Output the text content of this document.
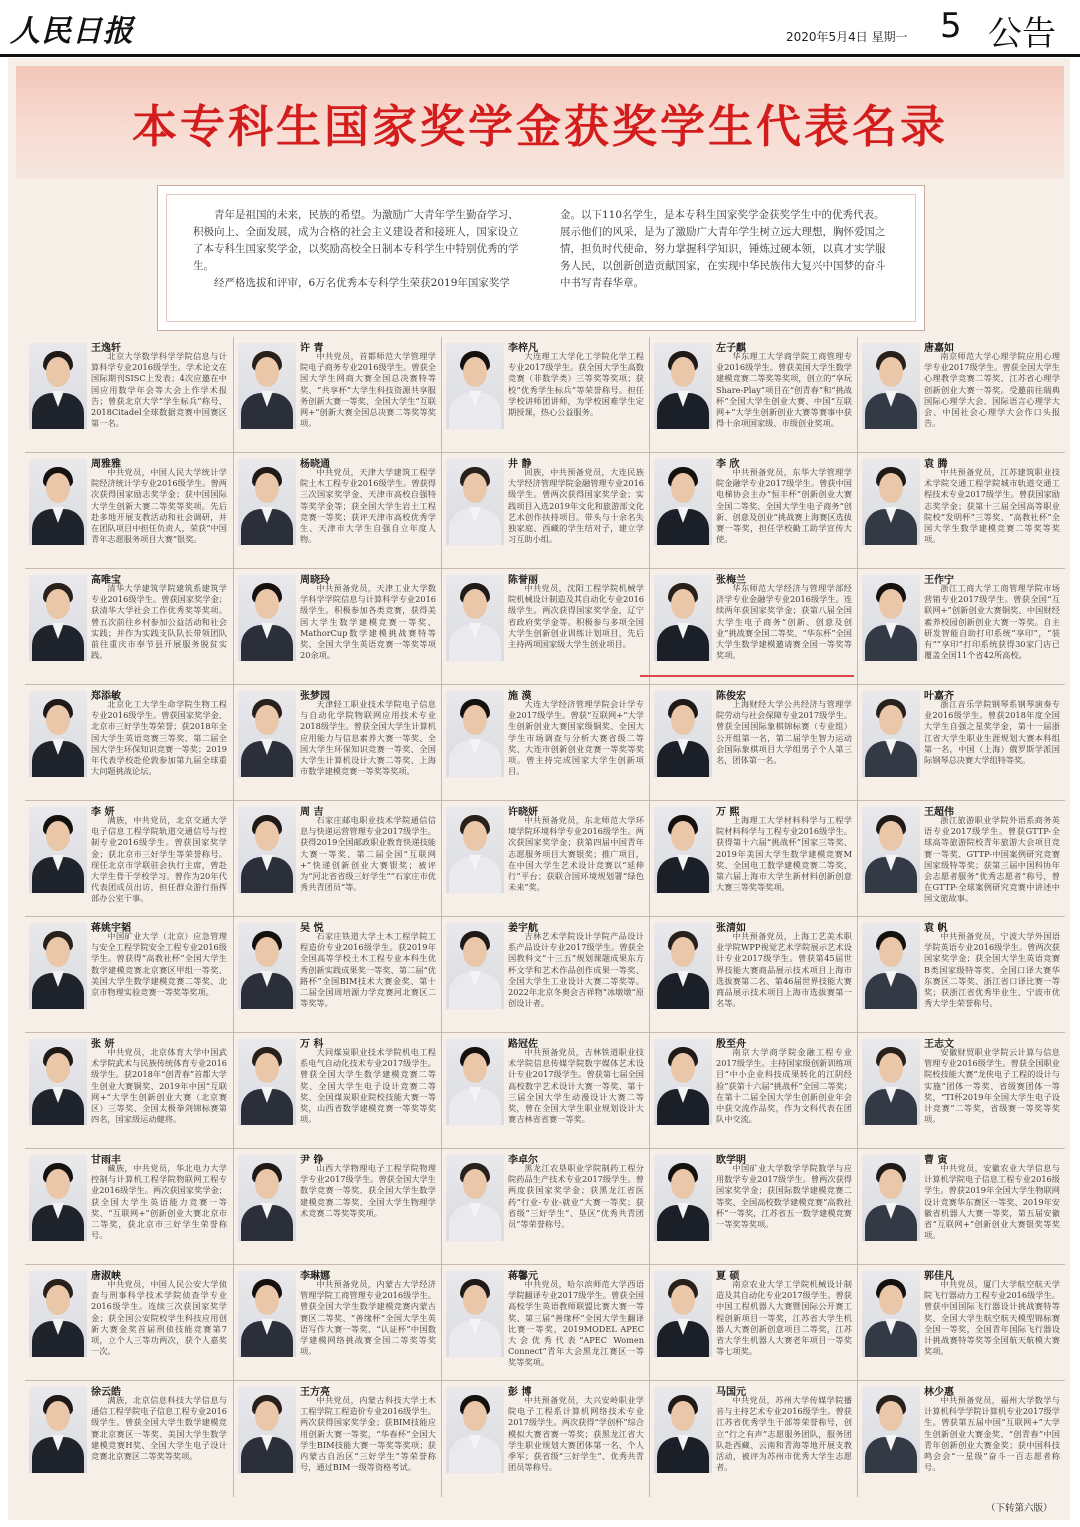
人民日报	2020年5月4日 星期一 5 公告
本专科生国家奖学金获奖学生代表名录

青年是祖国的未来，民族的希望。为激励广大青年学生勤奋学习、积极向上、全面发展，成为合格的社会主义建设者和接班人，国家设立了本专科生国家奖学金，以奖励高校全日制本专科学生中特别优秀的学生。

经严格选拔和评审，6万名优秀本专科学生荣获2019年国家奖学

金。以下110名学生，是本专科生国家奖学金获奖学生中的优秀代表。展示他们的风采，是为了激励广大青年学生树立远大理想，胸怀爱国之情，担负时代使命，努力掌握科学知识，锤炼过硬本领，以真才实学服务人民，以创新创造贡献国家，在实现中华民族伟大复兴中国梦的奋斗中书写青春华章。

王逸轩
北京大学数学科学学院信息与计算科学专业2016级学生。学术论文在国际期刊SISC上发表；4次应邀在中国应用数学年会等大会上作学术报告；曾获北京大学“学生标兵”称号、2018Citadel全球数据竞赛中国赛区第一名。
许 青
中共党员，首都师范大学管理学院电子商务专业2016级学生。曾获全国大学生网商大赛全国总决赛特等奖、“共享杯”大学生科技资源共享服务创新大赛一等奖、全国大学生“互联网+”创新大赛全国总决赛二等奖等奖项。
李梓凡
大连理工大学化工学院化学工程专业2017级学生。获全国大学生高数竞赛（非数学类）三等奖等奖项；获校“优秀学生标兵”等荣誉称号。担任学校讲师团讲师，为学校困难学生定期授课，热心公益服务。
左子麒
华东理工大学商学院工商管理专业2016级学生。曾获美国大学生数学建模竞赛二等奖等奖项，创立的“享玩Share-Play”项目在“创青春”和“挑战杯”全国大学生创业大赛、中国“互联网+”大学生创新创业大赛等赛事中获得十余项国家级、市级创业奖项。
唐嘉如
南京师范大学心理学院应用心理学专业2017级学生。曾获全国大学生心理教学竞赛二等奖、江苏省心理学创新创业大赛一等奖。受邀前往瑞典国际心理学大会、国际语言心理学大会、中国社会心理学大会作口头报告。
周雅雅
中共党员，中国人民大学统计学院经济统计学专业2016级学生。曾两次获得国家励志奖学金；获中国国际大学生创新大赛二等奖等奖项。先后赴多地开展支教活动和社会调研，并在团队项目中担任负责人，荣获“中国青年志愿服务项目大赛”银奖。
杨晓通
中共党员，天津大学建筑工程学院土木工程专业2016级学生。曾获得三次国家奖学金、天津市高校自强特等奖学金等；获全国大学生岩土工程竞赛一等奖；获评天津市高校优秀学生、天津市大学生自强自立年度人物。
井 静
回族，中共预备党员，大连民族大学经济管理学院金融管理专业2016级学生。曾两次获得国家奖学金；实践项目入选2019年文化和旅游部文化艺术创作扶持项目。带头与十余名失独家庭、西藏的学生结对子，建立学习互助小组。
李 欣
中共预备党员，东华大学管理学院金融学专业2017级学生。曾获中国电梯协会主办“恒丰杯”创新创业大赛全国二等奖、全国大学生电子商务“创新、创意及创业”挑战赛上海赛区选拔赛一等奖，担任学校勤工助学宣传大使。
袁 腾
中共预备党员，江苏建筑职业技术学院交通工程学院城市轨道交通工程技术专业2017级学生。曾获国家励志奖学金；获第十三届全国高等职业院校“发明杯”三等奖、“高教社杯”全国大学生数学建模竞赛二等奖等奖项。
高唯宝
清华大学建筑学院建筑系建筑学专业2016级学生。曾获国家奖学金；获清华大学社会工作优秀奖等奖项。曾五次前往乡村参加公益活动和社会实践；并作为实践支队队长带领团队前往重庆市奉节县开展服务脱贫实践。
周晓玲
中共预备党员，天津工业大学数学科学学院信息与计算科学专业2016级学生。积极参加各类竞赛，获得美国大学生数学建模竞赛一等奖、MathorCup数学建模挑战赛特等奖、全国大学生英语竞赛一等奖等项20余项。
陈誉丽
中共党员，沈阳工程学院机械学院机械设计制造及其自动化专业2016级学生。两次获得国家奖学金，辽宁省政府奖学金等。积极参与多项全国大学生创新创业训练计划项目，先后主持两项国家级大学生创业项目。
张梅兰
华东师范大学经济与管理学部经济学专业金融学专业2016级学生。连续两年获国家奖学金；获第八届全国大学生电子商务“创新、创意及创业”挑战赛全国二等奖、“华东杯”全国大学生数学建模邀请赛全国一等奖等奖项。
王作宁
浙江工商大学工商管理学院市场营销专业2017级学生。曾获全国“互联网+”创新创业大赛铜奖、中国财经素养校园创新创业大赛一等奖。自主研发智能自助打印系统“享印”，“装有”“享印”打印系统获得30家门店已覆盖全国11个省42所高校。
郑添敏
北京化工大学生命学院生物工程专业2016级学生。曾获国家奖学金、北京市三好学生等荣誉；获2018年全国大学生英语竞赛三等奖、第二届全国大学生环保知识竞赛一等奖；2019年代表学校赴伦敦参加第九届全球重大问题挑战论坛。
张梦园
天津轻工职业技术学院电子信息与自动化学院物联网应用技术专业2018级学生。曾获全国大学生计算机应用能力与信息素养大赛一等奖、全国大学生环保知识竞赛一等奖、全国大学生计算机设计大赛二等奖、上海市数学建模竞赛一等奖等奖项。
施 漠
大连大学经济管理学院会计学专业2017级学生。曾获“互联网+”大学生创新创业大赛国家级铜奖、全国大学生市场调查与分析大赛省级二等奖、大连市创新创业竞赛一等奖等奖项。曾主持完成国家大学生创新项目。
陈俊宏
上海财经大学公共经济与管理学院劳动与社会保障专业2017级学生。曾获全国国际象棋锦标赛（专业组）公开组第一名，第二届学生智力运动会国际象棋项目大学组男子个人第三名，团体第一名。
叶嘉齐
浙江音乐学院钢琴系钢琴演奏专业2016级学生。曾获2018年度全国大学生自强之星奖学金，第十一届浙江省大学生职业生涯规划大赛本科组第一名，中国（上海）俄罗斯学派国际钢琴总决赛大学组特等奖。
李 妍
满族，中共党员，北京交通大学电子信息工程学院轨道交通信号与控制专业2016级学生。曾获国家奖学金；获北京市三好学生等荣誉称号。现任北京市学联驻会执行主席，曾赴大学生骨干学校学习。曾作为20年代代表团成员出访，担任群众游行指挥部办公室干事。
周 吉
石家庄邮电职业技术学院通信信息与快递运营管理专业2017级学生。获得2019全国邮政职业教育快递技能大赛一等奖、第二届全国“互联网+”快递创新创业大赛银奖；被评为“河北省省级三好学生”“石家庄市优秀共青团员”等。
许晓妍
中共预备党员，东北师范大学环境学院环境科学专业2016级学生。两次获国家奖学金；获第四届中国青年志愿服务项目大赛银奖；推广项目，在中国大学生艺术设计竞赛以“延伸行”平台；获联合国环境规划署“绿色未来”奖。
万 熙
上海理工大学材料科学与工程学院材料科学与工程专业2016级学生。获得第十六届“挑战杯”国家三等奖、2019年美国大学生数学建模竞赛M奖、全国电工数学建模竞赛二等奖、第六届上海市大学生新材料创新创意大赛三等奖等奖项。
王超伟
浙江旅游职业学院外语系商务英语专业2017级学生。曾获GTTP-全球高等旅游院校青年旅游大会项目竞赛一等奖、GTTP-中国案例研究竞赛国家级特等奖；获第三届中国科协年会志愿者服务“优秀志愿者”称号，曾在GTTP-全球案例研究竞赛中讲述中国文旅故事。
蒋姚宇韬
中国矿业大学（北京）应急管理与安全工程学院安全工程专业2016级学生。曾获得“高教社杯”全国大学生数学建模竞赛北京赛区甲组一等奖、美国大学生数学建模竞赛二等奖、北京市物理实验竞赛一等奖等奖项。
吴 悦
石家庄铁道大学土木工程学院工程造价专业2016级学生。获2019年全国高等学校土木工程专业本科生优秀创新实践成果奖一等奖、第二届“优路杯”全国BIM技术大赛金奖、第十二届全国周培源力学竞赛河北赛区二等奖等。
姜宇航
吉林艺术学院设计学院产品设计系产品设计专业2017级学生。曾获全国教科文“十三五”规划课题成果东方杯文学和艺术作品创作成果一等奖、全国大学生工业设计大赛二等奖等。2022年北京冬奥会吉祥物“冰墩墩”原创设计者。
张清如
中共预备党员，上海工艺美术职业学院WPP视觉艺术学院展示艺术设计专业2017级学生。曾获第45届世界技能大赛商品展示技术项目上海市选拔赛第二名、第46届世界技能大赛商品展示技术项目上海市选拔赛第一名等。
袁 帆
中共预备党员，宁波大学外国语学院英语专业2016级学生。曾两次获国家奖学金；获全国大学生英语竞赛B类国家级特等奖、全国口译大赛华东赛区二等奖、浙江省口译比赛一等奖；获浙江省优秀毕业生、宁波市优秀大学生荣誉称号。
张 妍
中共党员，北京体育大学中国武术学院武术与民族传统体育专业2016级学生。获2018年“创青春”首都大学生创业大赛铜奖、2019年中国“互联网+”大学生创新创业大赛（北京赛区）三等奖、全国太极拳剑锦标赛第四名，国家级运动健将。
万 科
大同煤炭职业技术学院机电工程系电气自动化技术专业2017级学生。曾获全国大学生数学建模竞赛二等奖、全国大学生电子设计竞赛二等奖、全国煤炭职业院校技能大赛一等奖，山西省数学建模竞赛一等奖等奖项。
路冠佐
中共预备党员，吉林铁道职业技术学院信息传媒学院数字媒体艺术设计专业2017级学生。曾获第七届全国高校数字艺术设计大赛一等奖、第十三届全国大学生动漫设计大赛二等奖，曾在全国大学生职业规划设计大赛吉林省省赛一等奖。
殷至舟
南京大学商学院金融工程专业2017级学生。主持国家级创新训练项目“中小企业科技成果转化的江阴经验”获第十六届“挑战杯”全国二等奖；在第十二届全国大学生创新创业年会中获交流作品奖，作为文科代表在团队中交流。
王志文
安徽财贸职业学院云计算与信息管理专业2016级学生。曾获全国职业院校技能大赛“龙侠电子工程的设计与实施”团体一等奖、省级赛团体一等奖，“TI杯2019年全国大学生电子设计竞赛”二等奖，省级赛一等奖等奖项。
甘雨丰
藏族，中共党员，华北电力大学控制与计算机工程学院物联网工程专业2016级学生。两次获国家奖学金；获全国大学生英语能力竞赛一等奖、“互联网+”创新创业大赛北京市二等奖，获北京市三好学生荣誉称号。
尹 铮
山西大学物理电子工程学院物理学专业2017级学生。曾获全国大学生数学竞赛一等奖、获全国大学生数学建模竞赛二等奖、全国大学生物理学术竞赛二等奖等奖项。
李卓尔
黑龙江农垦职业学院制药工程分院药品生产技术专业2017级学生。曾两度获国家奖学金；获黑龙江省医药“行业-专业-就业”大赛一等奖；获省级“三好学生”、垦区“优秀共青团员”等荣誉称号。
欧学明
中国矿业大学数学学院数学与应用数学专业2017级学生。曾两次获得国家奖学金；获国际数学建模竞赛二等奖、全国高校数学建模竞赛“高教社杯”一等奖，江苏省五一数学建模竞赛一等奖等奖项。
曹 寅
中共党员，安徽农业大学信息与计算机学院电子信息工程专业2016级学生。曾获2019年全国大学生物联网设计竞赛华东赛区一等奖、2019年安徽省机器人大赛一等奖，第五届安徽省“互联网+”创新创业大赛银奖等奖项。
唐淑峡
中共党员，中国人民公安大学侦查与刑事科学技术学院侦查学专业2016级学生。连续三次获国家奖学金；获全国公安院校学生科技应用创新大赛金奖首届刑侦技能竞赛第7项，立个人三等功两次，获个人嘉奖一次。
李琳娜
中共预备党员，内蒙古大学经济管理学院工商管理专业2016级学生。曾获全国大学生数学建模竞赛内蒙古赛区二等奖、“善缘杯”全国大学生英语写作大赛一等奖、“认证杯”中国数学建模网络挑战赛全国二等奖等奖项。
蒋馨元
中共党员，哈尔滨师范大学西语学院翻译专业2017级学生。曾获全国高校学生英语教师联盟比赛大赛一等奖、第三届“善缘杯”全国大学生翻译比赛一等奖，2019MODEL APEC大会优秀代表“APEC Women Connect”青年大会黑龙江赛区一等奖等奖项。
夏 硕
南京农业大学工学院机械设计制造及其自动化专业2017级学生。曾获中国工程机器人大赛暨国际公开赛工程创新项目一等奖，江苏省大学生机器人大赛创新创意项目二等奖，江苏省大学生机器人大赛老年项目一等奖等七项奖。
郭佳凡
中共党员，厦门大学航空航天学院飞行器动力工程专业2016级学生。曾获中国国际飞行器设计挑战赛特等奖、全国大学生航空航天模型锦标赛全国一等奖，全国青年国际飞行器设计挑战赛特等奖等全国航天航模大赛奖项。
徐云皓
满族，北京信息科技大学信息与通信工程学院电子信息工程专业2016级学生。曾获全国大学生数学建模竞赛北京赛区一等奖、美国大学生数学建模竞赛H奖、全国大学生电子设计竞赛北京赛区二等奖等奖项。
王方亮
中共党员，内蒙古科技大学土木工程学院工程造价专业2016级学生。两次获得国家奖学金；获BIM技能应用创新大赛一等奖，“华春杯”全国大学生BIM技能大赛一等奖等奖项；获内蒙古自治区“三好学生”等荣誉称号，通过BIM一级等资格考试。
彭 博
中共预备党员，大兴安岭职业学院电子工程系计算机网络技术专业2017级学生。两次获得“学创杯”综合模拟大赛省赛一等奖；获黑龙江省大学生职业规划大赛团体第一名、个人季军；获省级“三好学生”、优秀共青团员等称号。
马国元
中共党员，苏州大学传媒学院播音与主持艺术专业2016级学生。曾获江苏省优秀学生干部等荣誉称号，创立“行之有声”志愿服务团队，服务团队赴西藏、云南和青海等地开展支教活动，被评为苏州市优秀大学生志愿者。
林少惠
中共预备党员，福州大学数学与计算机科学学院计算机专业2017级学生。曾获第五届中国“互联网+”大学生创新创业大赛金奖、“创青春”中国青年创新创业大赛金奖；获中国科技鸣会会“一星级”奋斗一百志愿者称号。
（下转第六版）
